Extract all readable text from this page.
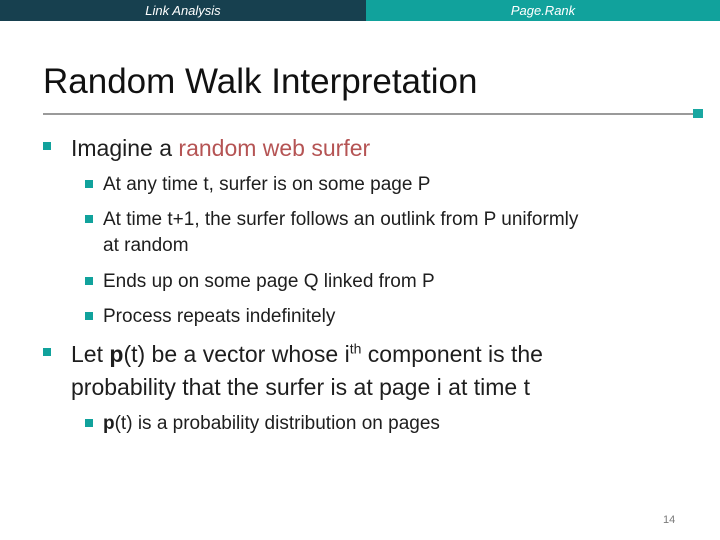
Link Analysis	Page.Rank
Random Walk Interpretation
Imagine a random web surfer
At any time t, surfer is on some page P
At time t+1, the surfer follows an outlink from P uniformly
at random
Ends up on some page Q linked from P
Process repeats indefinitely
Let p(t) be a vector whose $i^{th}$ component is the
probability that the surfer is at page i at time t
p(t) is a probability distribution on pages
14
